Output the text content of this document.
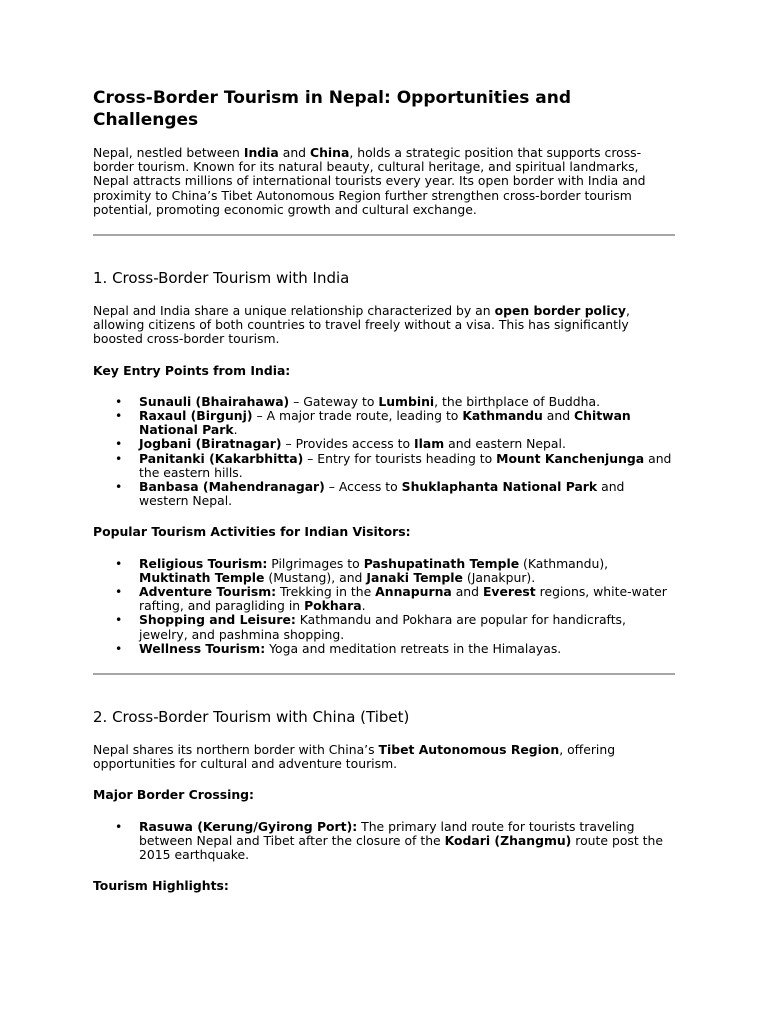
Cross-Border Tourism in Nepal: Opportunities and Challenges

Nepal, nestled between India and China, holds a strategic position that supports cross-border tourism. Known for its natural beauty, cultural heritage, and spiritual landmarks, Nepal attracts millions of international tourists every year. Its open border with India and proximity to China’s Tibet Autonomous Region further strengthen cross-border tourism potential, promoting economic growth and cultural exchange.

1. Cross-Border Tourism with India

Nepal and India share a unique relationship characterized by an open border policy, allowing citizens of both countries to travel freely without a visa. This has significantly boosted cross-border tourism.

Key Entry Points from India:

• Sunauli (Bhairahawa) – Gateway to Lumbini, the birthplace of Buddha.
• Raxaul (Birgunj) – A major trade route, leading to Kathmandu and Chitwan National Park.
• Jogbani (Biratnagar) – Provides access to Ilam and eastern Nepal.
• Panitanki (Kakarbhitta) – Entry for tourists heading to Mount Kanchenjunga and the eastern hills.
• Banbasa (Mahendranagar) – Access to Shuklaphanta National Park and western Nepal.

Popular Tourism Activities for Indian Visitors:

• Religious Tourism: Pilgrimages to Pashupatinath Temple (Kathmandu), Muktinath Temple (Mustang), and Janaki Temple (Janakpur).
• Adventure Tourism: Trekking in the Annapurna and Everest regions, white-water rafting, and paragliding in Pokhara.
• Shopping and Leisure: Kathmandu and Pokhara are popular for handicrafts, jewelry, and pashmina shopping.
• Wellness Tourism: Yoga and meditation retreats in the Himalayas.
2. Cross-Border Tourism with China (Tibet)

Nepal shares its northern border with China’s Tibet Autonomous Region, offering opportunities for cultural and adventure tourism.

Major Border Crossing:

• Rasuwa (Kerung/Gyirong Port): The primary land route for tourists traveling between Nepal and Tibet after the closure of the Kodari (Zhangmu) route post the 2015 earthquake.

Tourism Highlights:
